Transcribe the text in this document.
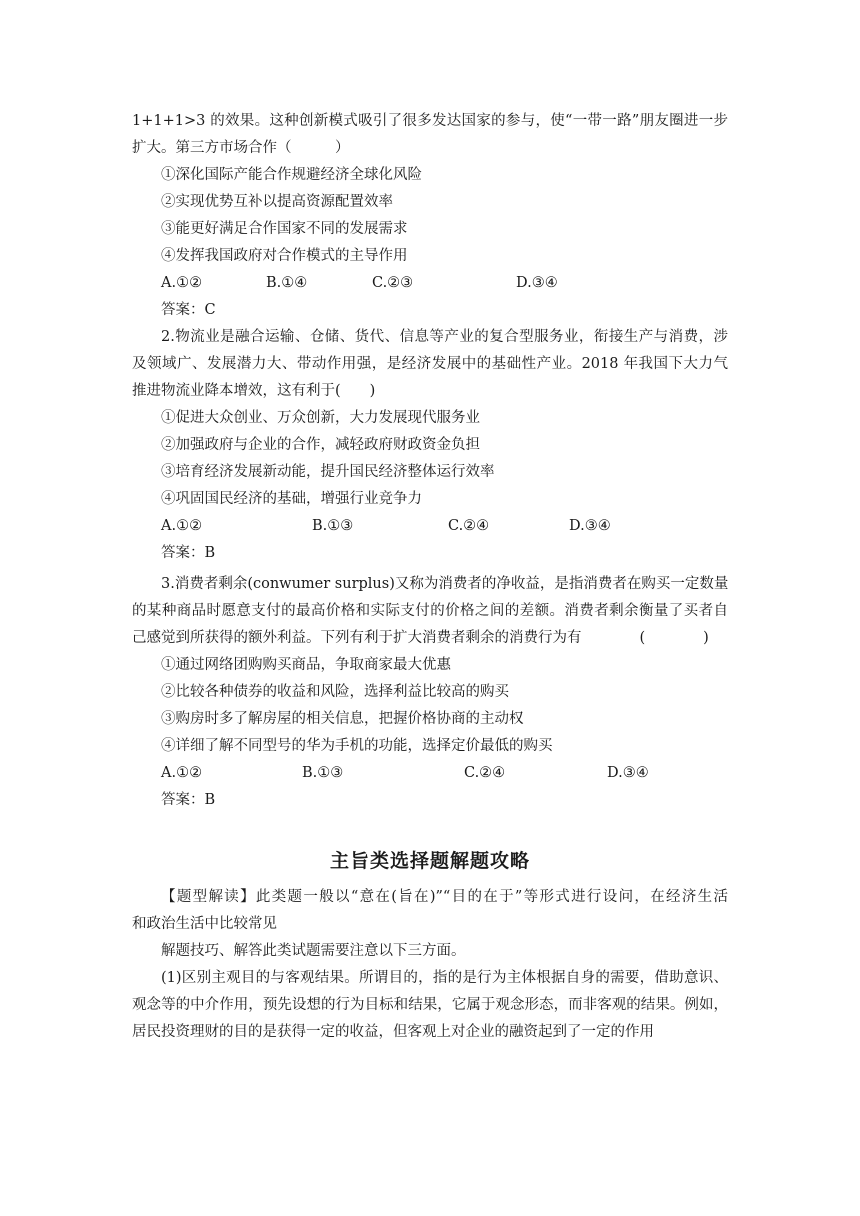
1+1+1>3 的效果。这种创新模式吸引了很多发达国家的参与，使“一带一路”朋友圈进一步
扩大。第三方市场合作（　　　）
①深化国际产能合作规避经济全球化风险
②实现优势互补以提高资源配置效率
③能更好满足合作国家不同的发展需求
④发挥我国政府对合作模式的主导作用
A.①②	B.①④	C.②③	D.③④
答案：C
2.物流业是融合运输、仓储、货代、信息等产业的复合型服务业，衔接生产与消费，涉
及领域广、发展潜力大、带动作用强，是经济发展中的基础性产业。2018 年我国下大力气
推进物流业降本增效，这有利于(　　)
①促进大众创业、万众创新，大力发展现代服务业
②加强政府与企业的合作，减轻政府财政资金负担
③培育经济发展新动能，提升国民经济整体运行效率
④巩固国民经济的基础，增强行业竞争力
A.①②	B.①③	C.②④	D.③④
答案：B
3.消费者剩余(conwumer surplus)又称为消费者的净收益，是指消费者在购买一定数量
的某种商品时愿意支付的最高价格和实际支付的价格之间的差额。消费者剩余衡量了买者自
己感觉到所获得的额外利益。下列有利于扩大消费者剩余的消费行为有　　　　(　　　　)
①通过网络团购购买商品，争取商家最大优惠
②比较各种债券的收益和风险，选择利益比较高的购买
③购房时多了解房屋的相关信息，把握价格协商的主动权
④详细了解不同型号的华为手机的功能，选择定价最低的购买
A.①②	B.①③	C.②④	D.③④
答案：B
主旨类选择题解题攻略
【题型解读】此类题一般以“意在(旨在)”“目的在于”等形式进行设问，在经济生活
和政治生活中比较常见
解题技巧、解答此类试题需要注意以下三方面。
(1)区别主观目的与客观结果。所谓目的，指的是行为主体根据自身的需要，借助意识、
观念等的中介作用，预先设想的行为目标和结果，它属于观念形态，而非客观的结果。例如，
居民投资理财的目的是获得一定的收益，但客观上对企业的融资起到了一定的作用
